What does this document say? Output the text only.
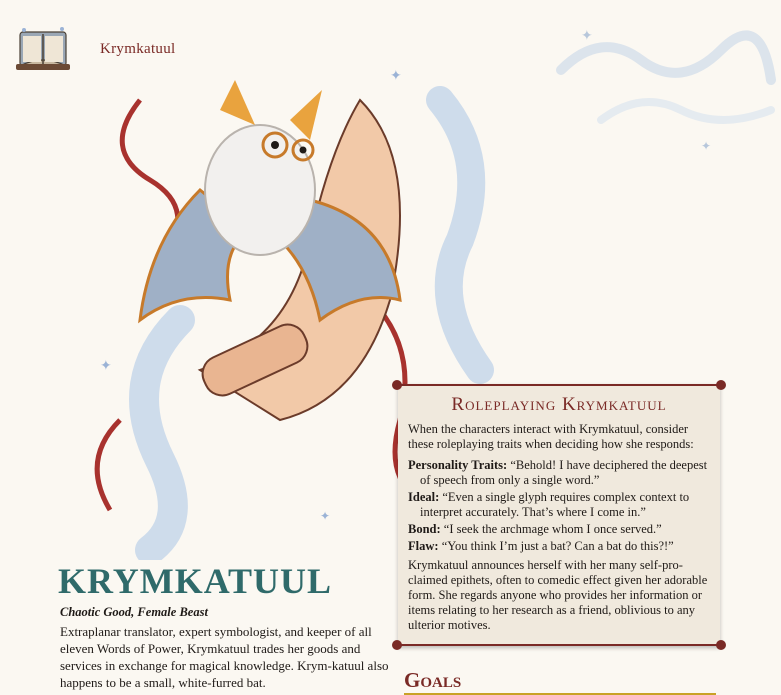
Krymkatuul
✦
✦
✦
✦
✦
KRYMKATUUL

Chaotic Good, Female Beast

Extraplanar translator, expert symbologist, and keeper of all eleven Words of Power, Krymkatuul trades her goods and services in exchange for magical knowledge. Krym-katuul also happens to be a small, white-furred bat.

Roleplaying Krymkatuul

When the characters interact with Krymkatuul, consider these roleplaying traits when deciding how she responds:

Personality Traits: “Behold! I have deciphered the deepest of speech from only a single word.”

Ideal: “Even a single glyph requires complex context to interpret accurately. That’s where I come in.”

Bond: “I seek the archmage whom I once served.”

Flaw: “You think I’m just a bat? Can a bat do this?!”

Krymkatuul announces herself with her many self-pro-claimed epithets, often to comedic effect given her adorable form. She regards anyone who provides her information or items relating to her research as a friend, oblivious to any ulterior motives.

Goals
